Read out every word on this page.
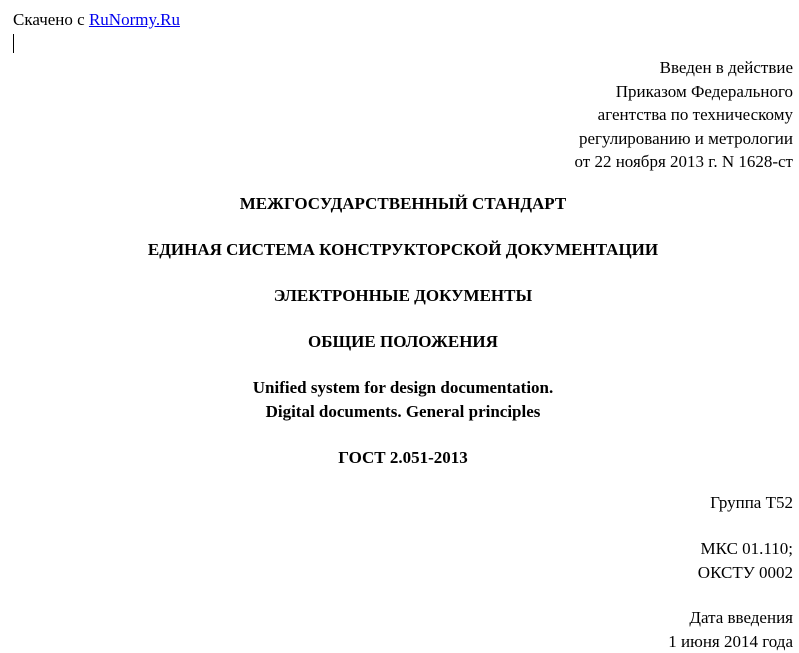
Скачено с RuNormy.Ru
Введен в действие
Приказом Федерального
агентства по техническому
регулированию и метрологии
от 22 ноября 2013 г. N 1628-ст
МЕЖГОСУДАРСТВЕННЫЙ СТАНДАРТ
ЕДИНАЯ СИСТЕМА КОНСТРУКТОРСКОЙ ДОКУМЕНТАЦИИ
ЭЛЕКТРОННЫЕ ДОКУМЕНТЫ
ОБЩИЕ ПОЛОЖЕНИЯ
Unified system for design documentation.
Digital documents. General principles
ГОСТ 2.051-2013
Группа Т52
МКС 01.110;
ОКСТУ 0002
Дата введения
1 июня 2014 года
